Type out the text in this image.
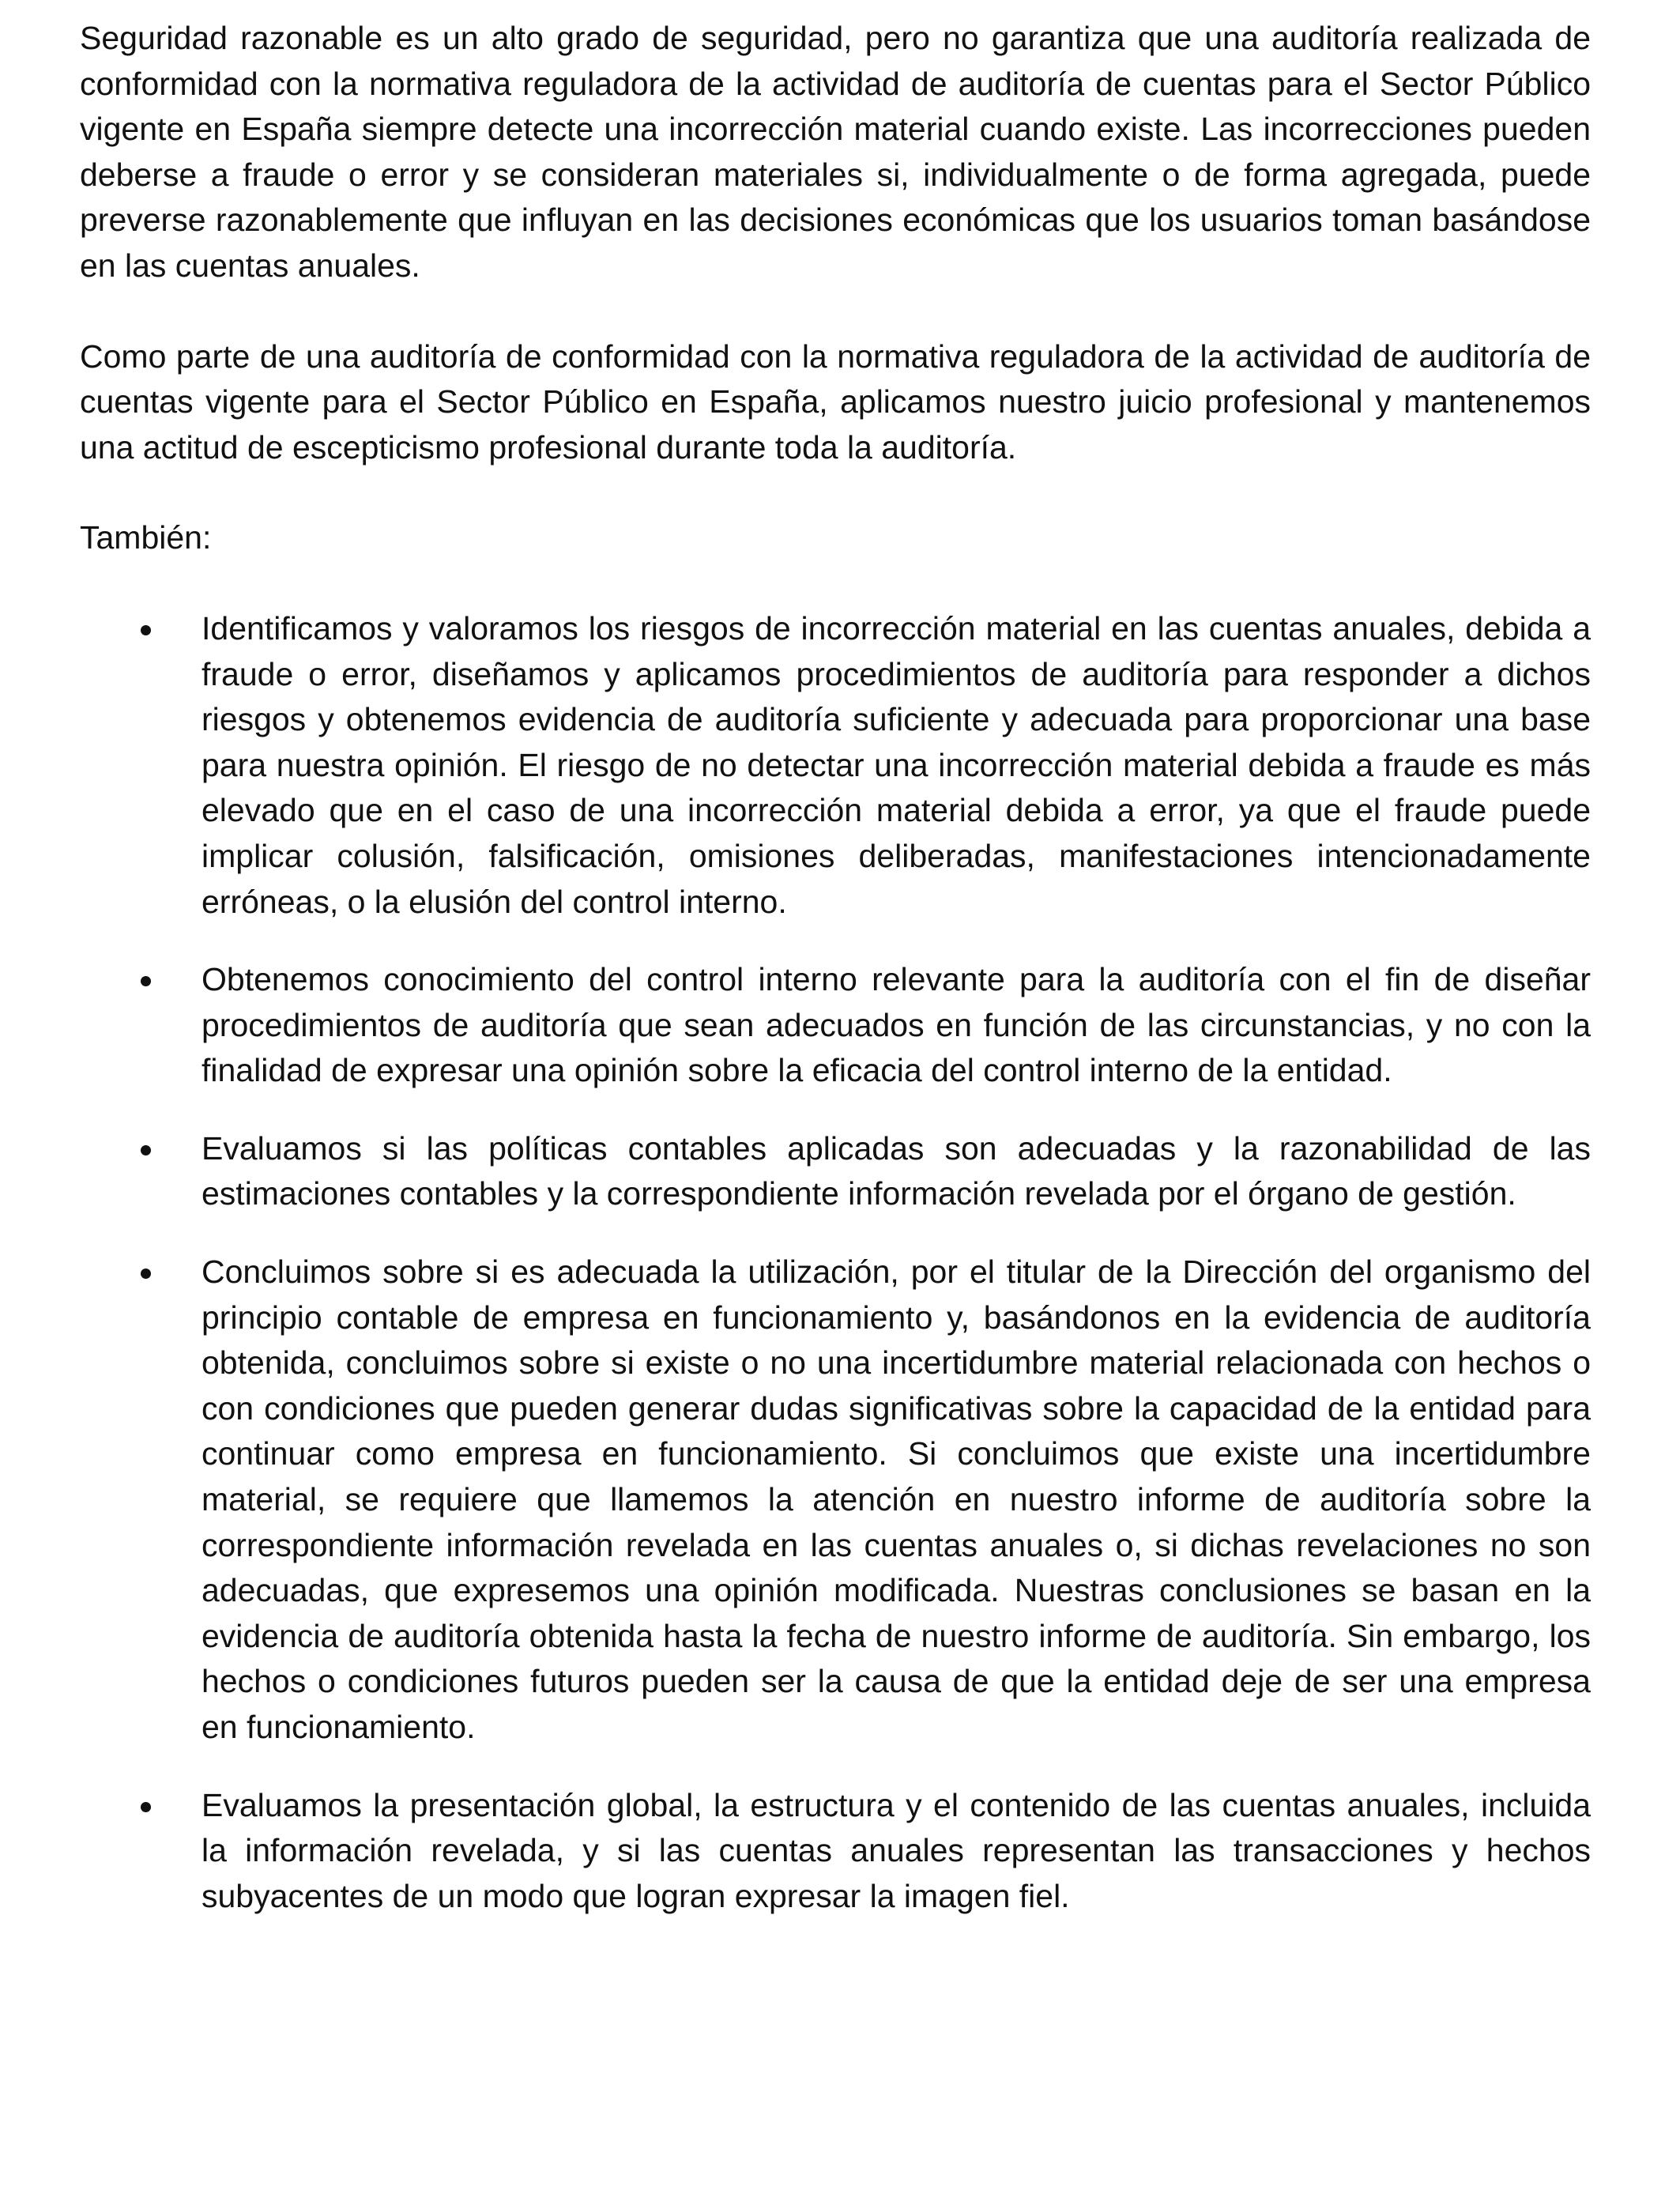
Seguridad razonable es un alto grado de seguridad, pero no garantiza que una auditoría realizada de conformidad con la normativa reguladora de la actividad de auditoría de cuentas para el Sector Público vigente en España siempre detecte una incorrección material cuando existe. Las incorrecciones pueden deberse a fraude o error y se consideran materiales si, individualmente o de forma agregada, puede preverse razonablemente que influyan en las decisiones económicas que los usuarios toman basándose en las cuentas anuales.

Como parte de una auditoría de conformidad con la normativa reguladora de la actividad de auditoría de cuentas vigente para el Sector Público en España, aplicamos nuestro juicio profesional y mantenemos una actitud de escepticismo profesional durante toda la auditoría.

También:

Identificamos y valoramos los riesgos de incorrección material en las cuentas anuales, debida a fraude o error, diseñamos y aplicamos procedimientos de auditoría para responder a dichos riesgos y obtenemos evidencia de auditoría suficiente y adecuada para proporcionar una base para nuestra opinión. El riesgo de no detectar una incorrección material debida a fraude es más elevado que en el caso de una incorrección material debida a error, ya que el fraude puede implicar colusión, falsificación, omisiones deliberadas, manifestaciones intencionadamente erróneas, o la elusión del control interno.
Obtenemos conocimiento del control interno relevante para la auditoría con el fin de diseñar procedimientos de auditoría que sean adecuados en función de las circunstancias, y no con la finalidad de expresar una opinión sobre la eficacia del control interno de la entidad.
Evaluamos si las políticas contables aplicadas son adecuadas y la razonabilidad de las estimaciones contables y la correspondiente información revelada por el órgano de gestión.
Concluimos sobre si es adecuada la utilización, por el titular de la Dirección del organismo del principio contable de empresa en funcionamiento y, basándonos en la evidencia de auditoría obtenida, concluimos sobre si existe o no una incertidumbre material relacionada con hechos o con condiciones que pueden generar dudas significativas sobre la capacidad de la entidad para continuar como empresa en funcionamiento. Si concluimos que existe una incertidumbre material, se requiere que llamemos la atención en nuestro informe de auditoría sobre la correspondiente información revelada en las cuentas anuales o, si dichas revelaciones no son adecuadas, que expresemos una opinión modificada. Nuestras conclusiones se basan en la evidencia de auditoría obtenida hasta la fecha de nuestro informe de auditoría. Sin embargo, los hechos o condiciones futuros pueden ser la causa de que la entidad deje de ser una empresa en funcionamiento.
Evaluamos la presentación global, la estructura y el contenido de las cuentas anuales, incluida la información revelada, y si las cuentas anuales representan las transacciones y hechos subyacentes de un modo que logran expresar la imagen fiel.
